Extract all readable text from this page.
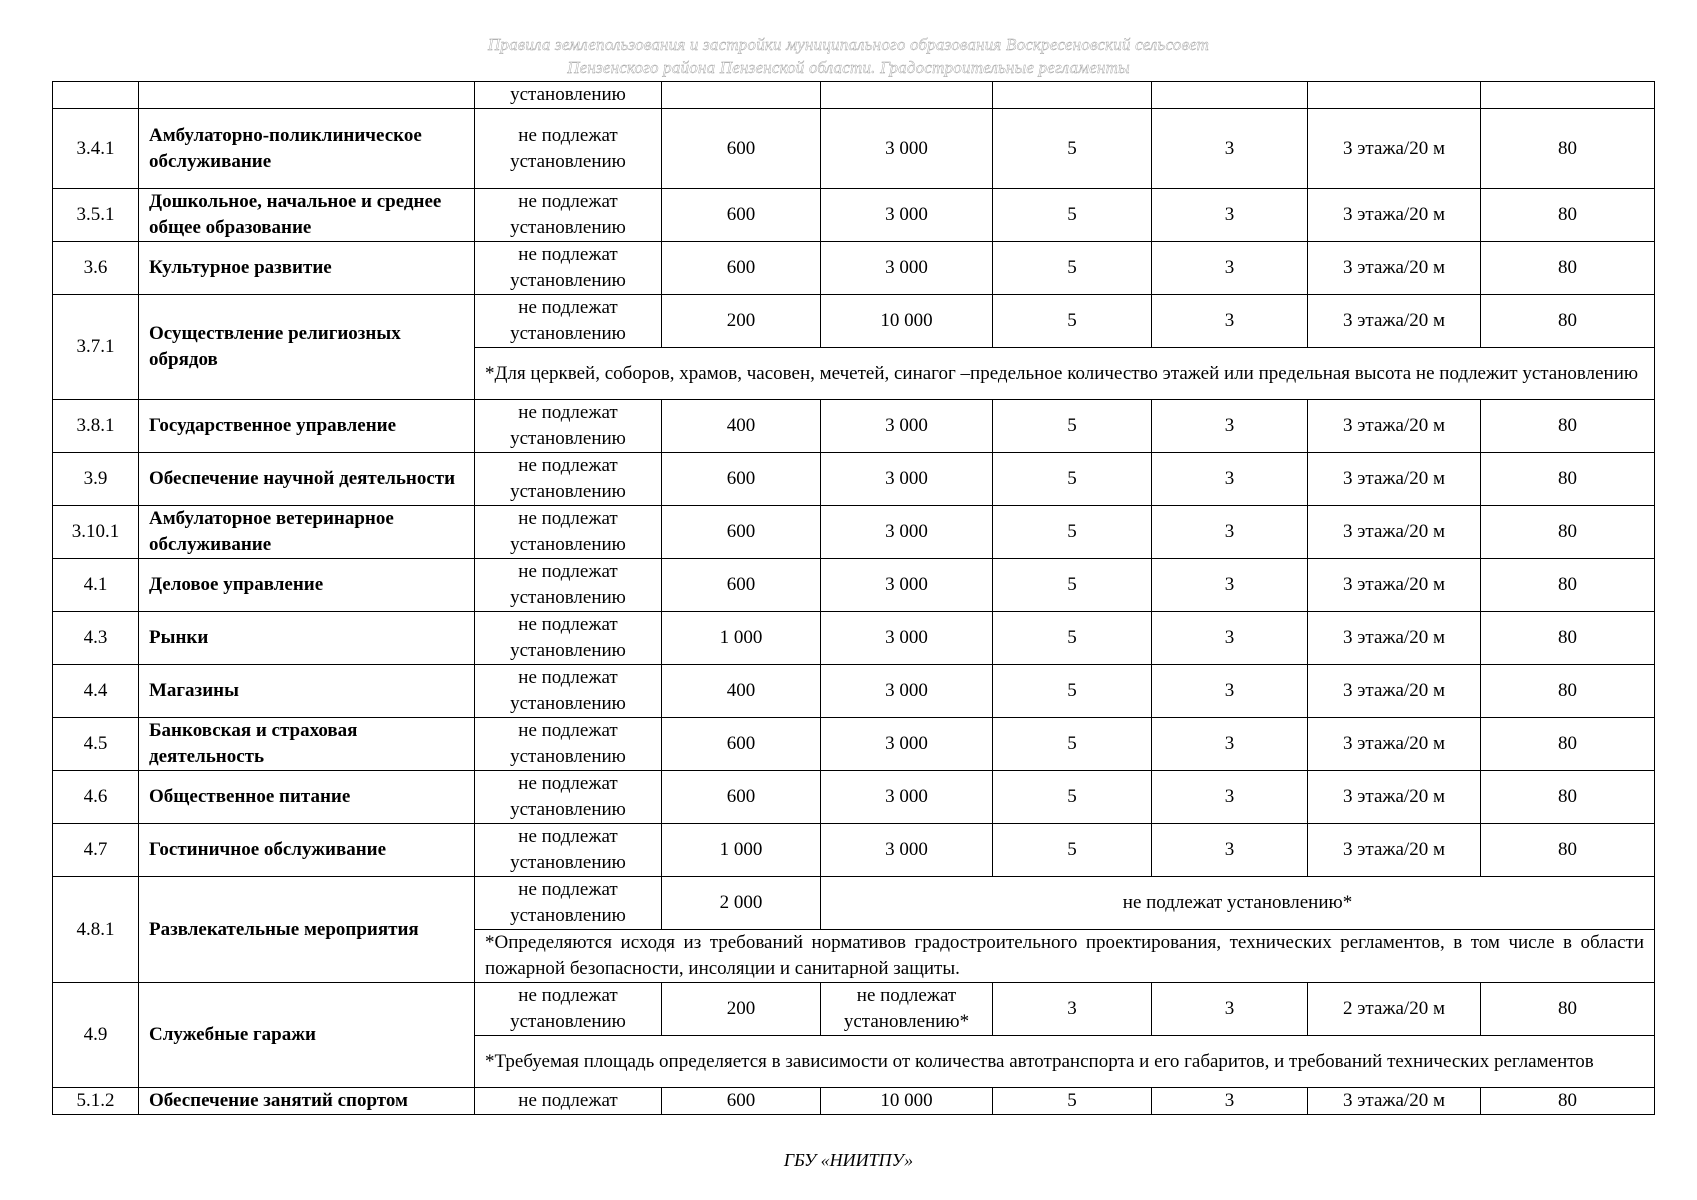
Правила землепользования и застройки муниципального образования Воскресеновский сельсовет
Пензенского района Пензенской области. Градостроительные регламенты
		установлению						
3.4.1	Амбулаторно-поликлиническое обслуживание	не подлежат установлению	600	3 000	5	3	3 этажа/20 м	80
3.5.1	Дошкольное, начальное и среднее общее образование	не подлежат установлению	600	3 000	5	3	3 этажа/20 м	80
3.6	Культурное развитие	не подлежат установлению	600	3 000	5	3	3 этажа/20 м	80
3.7.1	Осуществление религиозных обрядов	не подлежат установлению	200	10 000	5	3	3 этажа/20 м	80
		*Для церквей, соборов, храмов, часовен, мечетей, синагог –предельное количество этажей или предельная высота не подлежит установлению						
3.8.1	Государственное управление	не подлежат установлению	400	3 000	5	3	3 этажа/20 м	80
3.9	Обеспечение научной деятельности	не подлежат установлению	600	3 000	5	3	3 этажа/20 м	80
3.10.1	Амбулаторное ветеринарное обслуживание	не подлежат установлению	600	3 000	5	3	3 этажа/20 м	80
4.1	Деловое управление	не подлежат установлению	600	3 000	5	3	3 этажа/20 м	80
4.3	Рынки	не подлежат установлению	1 000	3 000	5	3	3 этажа/20 м	80
4.4	Магазины	не подлежат установлению	400	3 000	5	3	3 этажа/20 м	80
4.5	Банковская и страховая деятельность	не подлежат установлению	600	3 000	5	3	3 этажа/20 м	80
4.6	Общественное питание	не подлежат установлению	600	3 000	5	3	3 этажа/20 м	80
4.7	Гостиничное обслуживание	не подлежат установлению	1 000	3 000	5	3	3 этажа/20 м	80
4.8.1	Развлекательные мероприятия	не подлежат установлению	2 000	не подлежат установлению*				
		*Определяются исходя из требований нормативов градостроительного проектирования, технических регламентов, в том числе в области пожарной безопасности, инсоляции и санитарной защиты.						
4.9	Служебные гаражи	не подлежат установлению	200	не подлежат установлению*	3	3	2 этажа/20 м	80
		*Требуемая площадь определяется в зависимости от количества автотранспорта и его габаритов, и требований технических регламентов						
5.1.2	Обеспечение занятий спортом	не подлежат	600	10 000	5	3	3 этажа/20 м	80
ГБУ «НИИТПУ»
